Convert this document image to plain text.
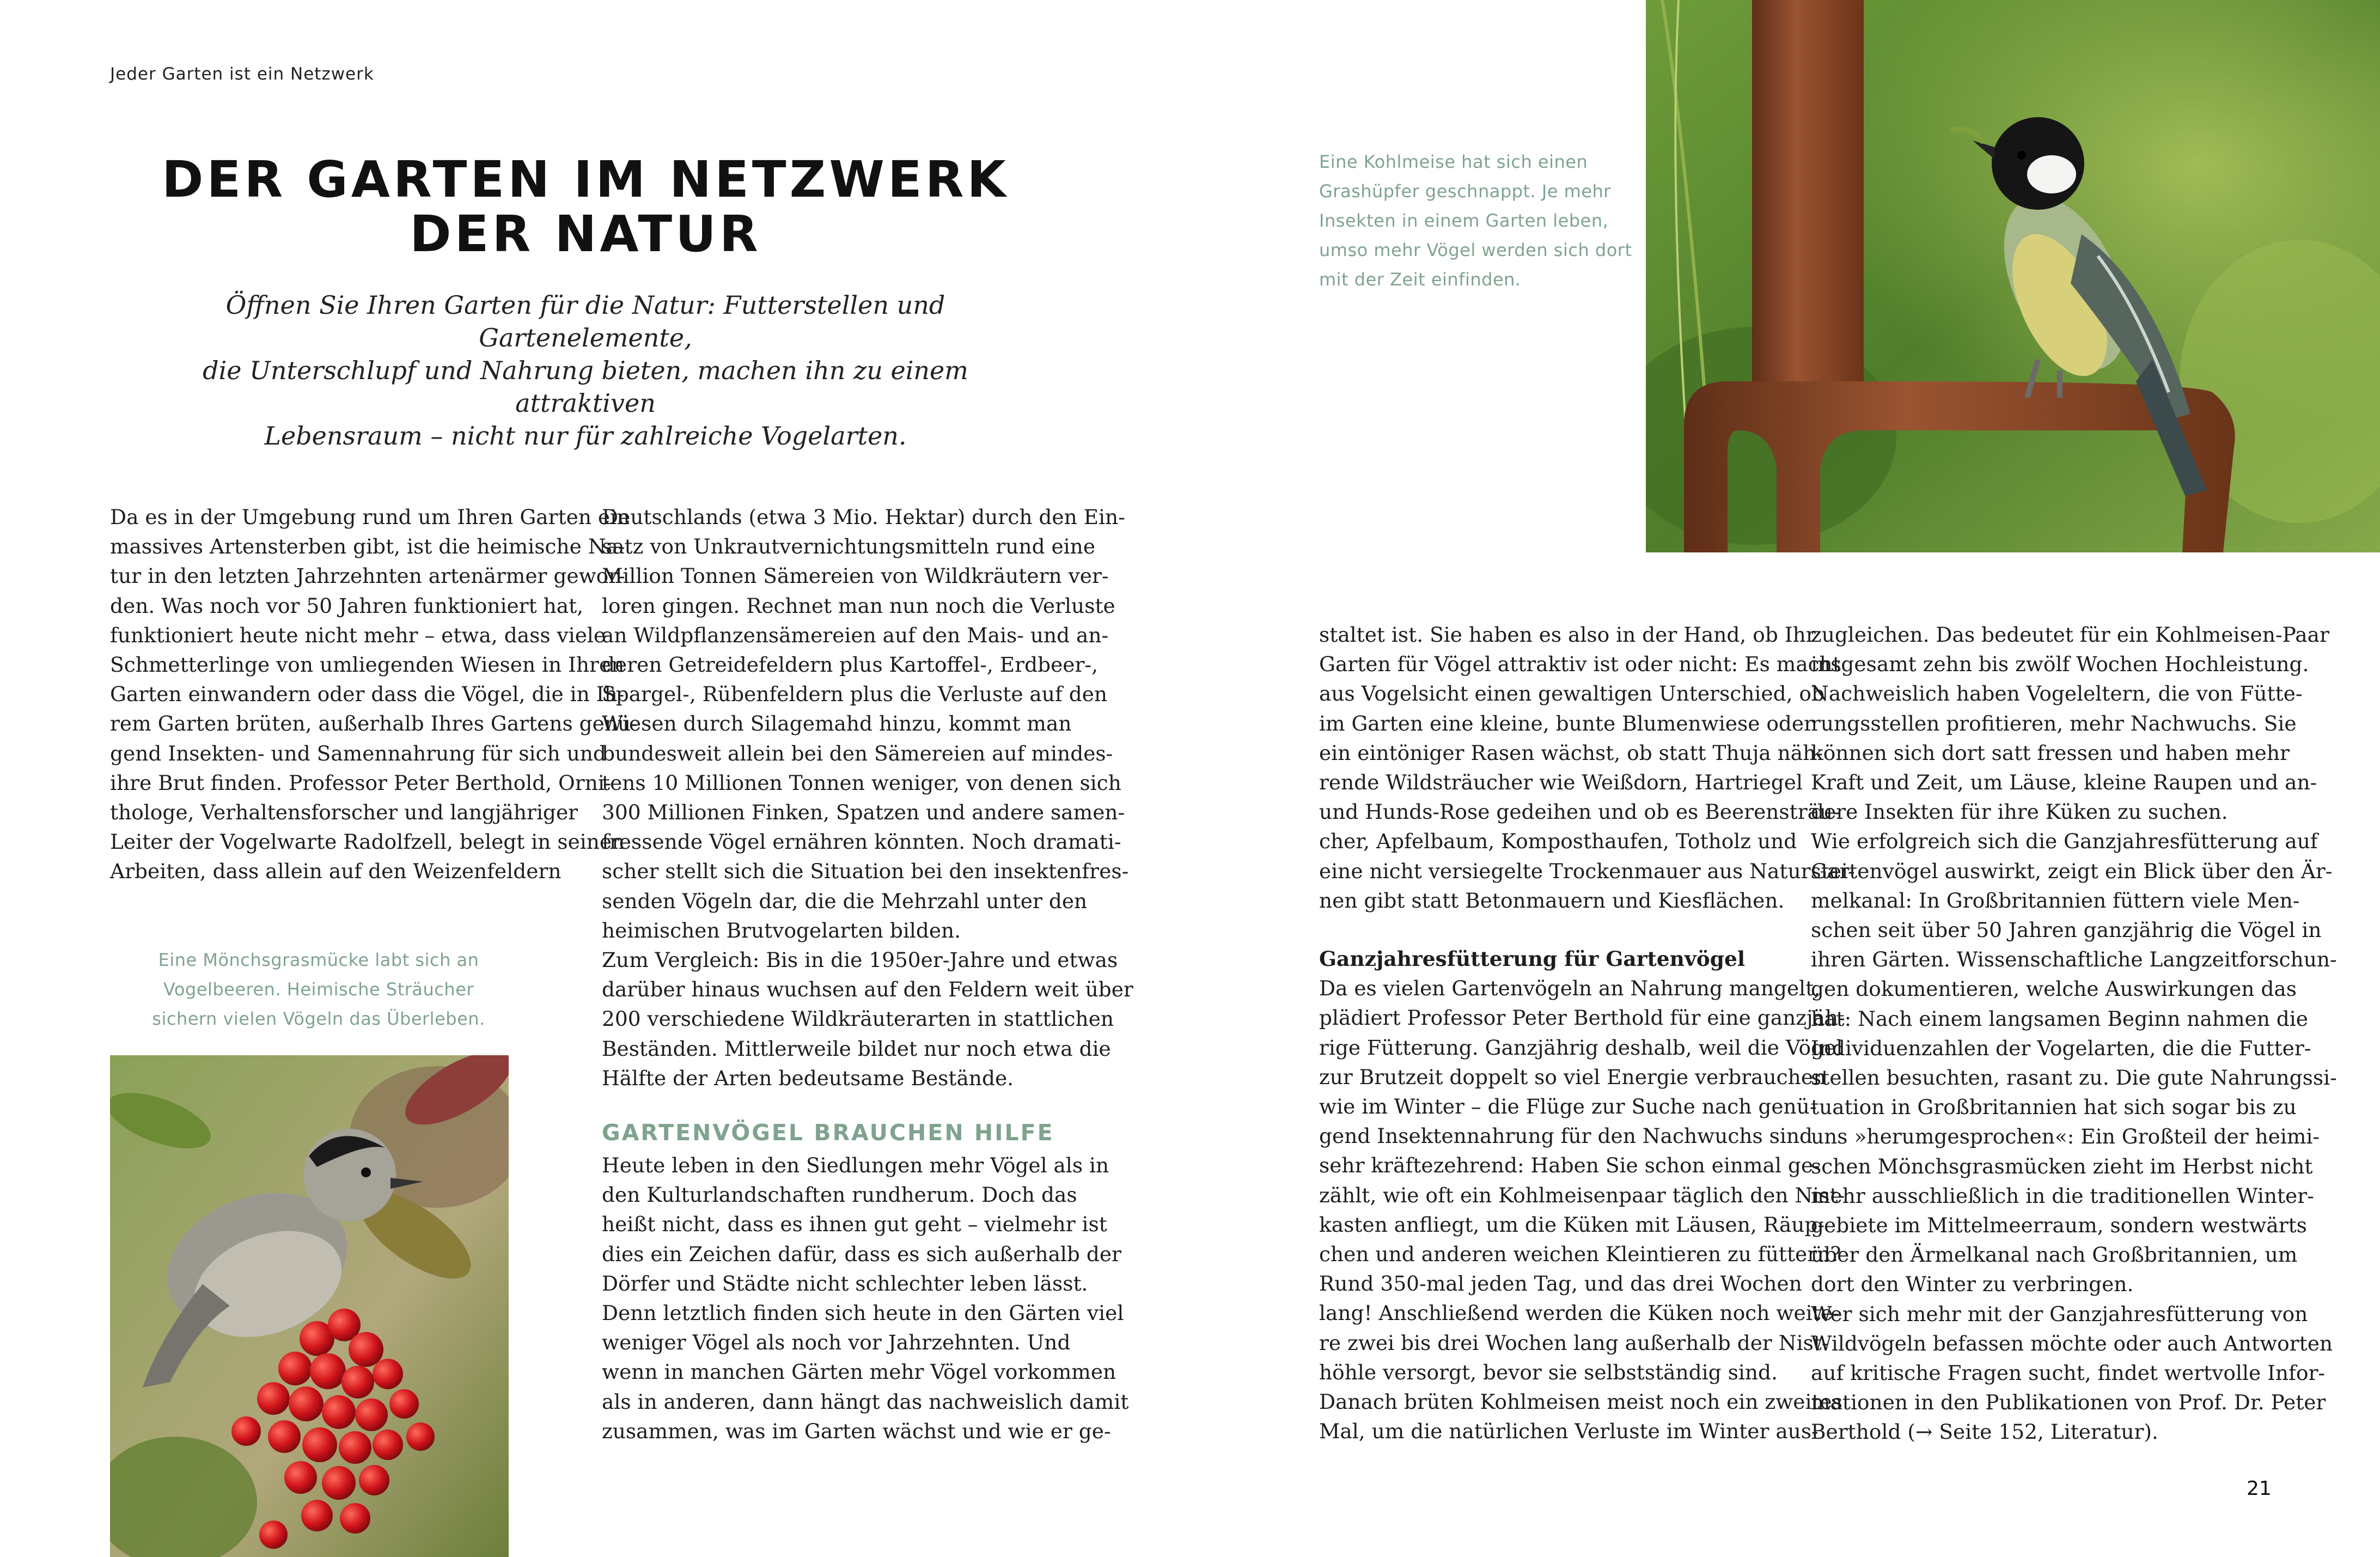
Jeder Garten ist ein Netzwerk
DER GARTEN IM NETZWERK
DER NATUR
Öffnen Sie Ihren Garten für die Natur: Futterstellen und Gartenelemente,
die Unterschlupf und Nahrung bieten, machen ihn zu einem attraktiven
Lebensraum – nicht nur für zahlreiche Vogelarten.
Da es in der Umgebung rund um Ihren Garten ein
massives Artensterben gibt, ist die heimische Na-
tur in den letzten Jahrzehnten artenärmer gewor-
den. Was noch vor 50 Jahren funktioniert hat,
funktioniert heute nicht mehr – etwa, dass viele
Schmetterlinge von umliegenden Wiesen in Ihren
Garten einwandern oder dass die Vögel, die in Ih-
rem Garten brüten, außerhalb Ihres Gartens genü-
gend Insekten- und Samennahrung für sich und
ihre Brut finden. Professor Peter Berthold, Orni-
thologe, Verhaltensforscher und langjähriger
Leiter der Vogelwarte Radolfzell, belegt in seinen
Arbeiten, dass allein auf den Weizenfeldern
Deutschlands (etwa 3 Mio. Hektar) durch den Ein-
satz von Unkrautvernichtungsmitteln rund eine
Million Tonnen Sämereien von Wildkräutern ver-
loren gingen. Rechnet man nun noch die Verluste
an Wildpflanzensämereien auf den Mais- und an-
deren Getreidefeldern plus Kartoffel-, Erdbeer-,
Spargel-, Rübenfeldern plus die Verluste auf den
Wiesen durch Silagemahd hinzu, kommt man
bundesweit allein bei den Sämereien auf mindes-
tens 10 Millionen Tonnen weniger, von denen sich
300 Millionen Finken, Spatzen und andere samen-
fressende Vögel ernähren könnten. Noch dramati-
scher stellt sich die Situation bei den insektenfres-
senden Vögeln dar, die die Mehrzahl unter den
heimischen Brutvogelarten bilden.
Zum Vergleich: Bis in die 1950er-Jahre und etwas
darüber hinaus wuchsen auf den Feldern weit über
200 verschiedene Wildkräuterarten in stattlichen
Beständen. Mittlerweile bildet nur noch etwa die
Hälfte der Arten bedeutsame Bestände.
GARTENVÖGEL BRAUCHEN HILFE
Heute leben in den Siedlungen mehr Vögel als in
den Kulturlandschaften rundherum. Doch das
heißt nicht, dass es ihnen gut geht – vielmehr ist
dies ein Zeichen dafür, dass es sich außerhalb der
Dörfer und Städte nicht schlechter leben lässt.
Denn letztlich finden sich heute in den Gärten viel
weniger Vögel als noch vor Jahrzehnten. Und
wenn in manchen Gärten mehr Vögel vorkommen
als in anderen, dann hängt das nachweislich damit
zusammen, was im Garten wächst und wie er ge-
staltet ist. Sie haben es also in der Hand, ob Ihr
Garten für Vögel attraktiv ist oder nicht: Es macht
aus Vogelsicht einen gewaltigen Unterschied, ob
im Garten eine kleine, bunte Blumenwiese oder
ein eintöniger Rasen wächst, ob statt Thuja näh-
rende Wildsträucher wie Weißdorn, Hartriegel
und Hunds-Rose gedeihen und ob es Beerensträu-
cher, Apfelbaum, Komposthaufen, Totholz und
eine nicht versiegelte Trockenmauer aus Naturstei-
nen gibt statt Betonmauern und Kiesflächen.
Ganzjahresfütterung für Gartenvögel
Da es vielen Gartenvögeln an Nahrung mangelt,
plädiert Professor Peter Berthold für eine ganzjäh-
rige Fütterung. Ganzjährig deshalb, weil die Vögel
zur Brutzeit doppelt so viel Energie verbrauchen
wie im Winter – die Flüge zur Suche nach genü-
gend Insektennahrung für den Nachwuchs sind
sehr kräftezehrend: Haben Sie schon einmal ge-
zählt, wie oft ein Kohlmeisenpaar täglich den Nist-
kasten anfliegt, um die Küken mit Läusen, Räup-
chen und anderen weichen Kleintieren zu füttern?
Rund 350-mal jeden Tag, und das drei Wochen
lang! Anschließend werden die Küken noch weite-
re zwei bis drei Wochen lang außerhalb der Nist-
höhle versorgt, bevor sie selbstständig sind.
Danach brüten Kohlmeisen meist noch ein zweites
Mal, um die natürlichen Verluste im Winter aus-
zugleichen. Das bedeutet für ein Kohlmeisen-Paar
insgesamt zehn bis zwölf Wochen Hochleistung.
Nachweislich haben Vogeleltern, die von Fütte-
rungsstellen profitieren, mehr Nachwuchs. Sie
können sich dort satt fressen und haben mehr
Kraft und Zeit, um Läuse, kleine Raupen und an-
dere Insekten für ihre Küken zu suchen.
Wie erfolgreich sich die Ganzjahresfütterung auf
Gartenvögel auswirkt, zeigt ein Blick über den Är-
melkanal: In Großbritannien füttern viele Men-
schen seit über 50 Jahren ganzjährig die Vögel in
ihren Gärten. Wissenschaftliche Langzeitforschun-
gen dokumentieren, welche Auswirkungen das
hat: Nach einem langsamen Beginn nahmen die
Individuenzahlen der Vogelarten, die die Futter-
stellen besuchten, rasant zu. Die gute Nahrungssi-
tuation in Großbritannien hat sich sogar bis zu
uns »herumgesprochen«: Ein Großteil der heimi-
schen Mönchsgrasmücken zieht im Herbst nicht
mehr ausschließlich in die traditionellen Winter-
gebiete im Mittelmeerraum, sondern westwärts
über den Ärmelkanal nach Großbritannien, um
dort den Winter zu verbringen.
Wer sich mehr mit der Ganzjahresfütterung von
Wildvögeln befassen möchte oder auch Antworten
auf kritische Fragen sucht, findet wertvolle Infor-
mationen in den Publikationen von Prof. Dr. Peter
Berthold (→ Seite 152, Literatur).
Eine Kohlmeise hat sich einen
Grashüpfer geschnappt. Je mehr
Insekten in einem Garten leben,
umso mehr Vögel werden sich dort
mit der Zeit einfinden.
Eine Mönchsgrasmücke labt sich an
Vogelbeeren. Heimische Sträucher
sichern vielen Vögeln das Überleben.
21
